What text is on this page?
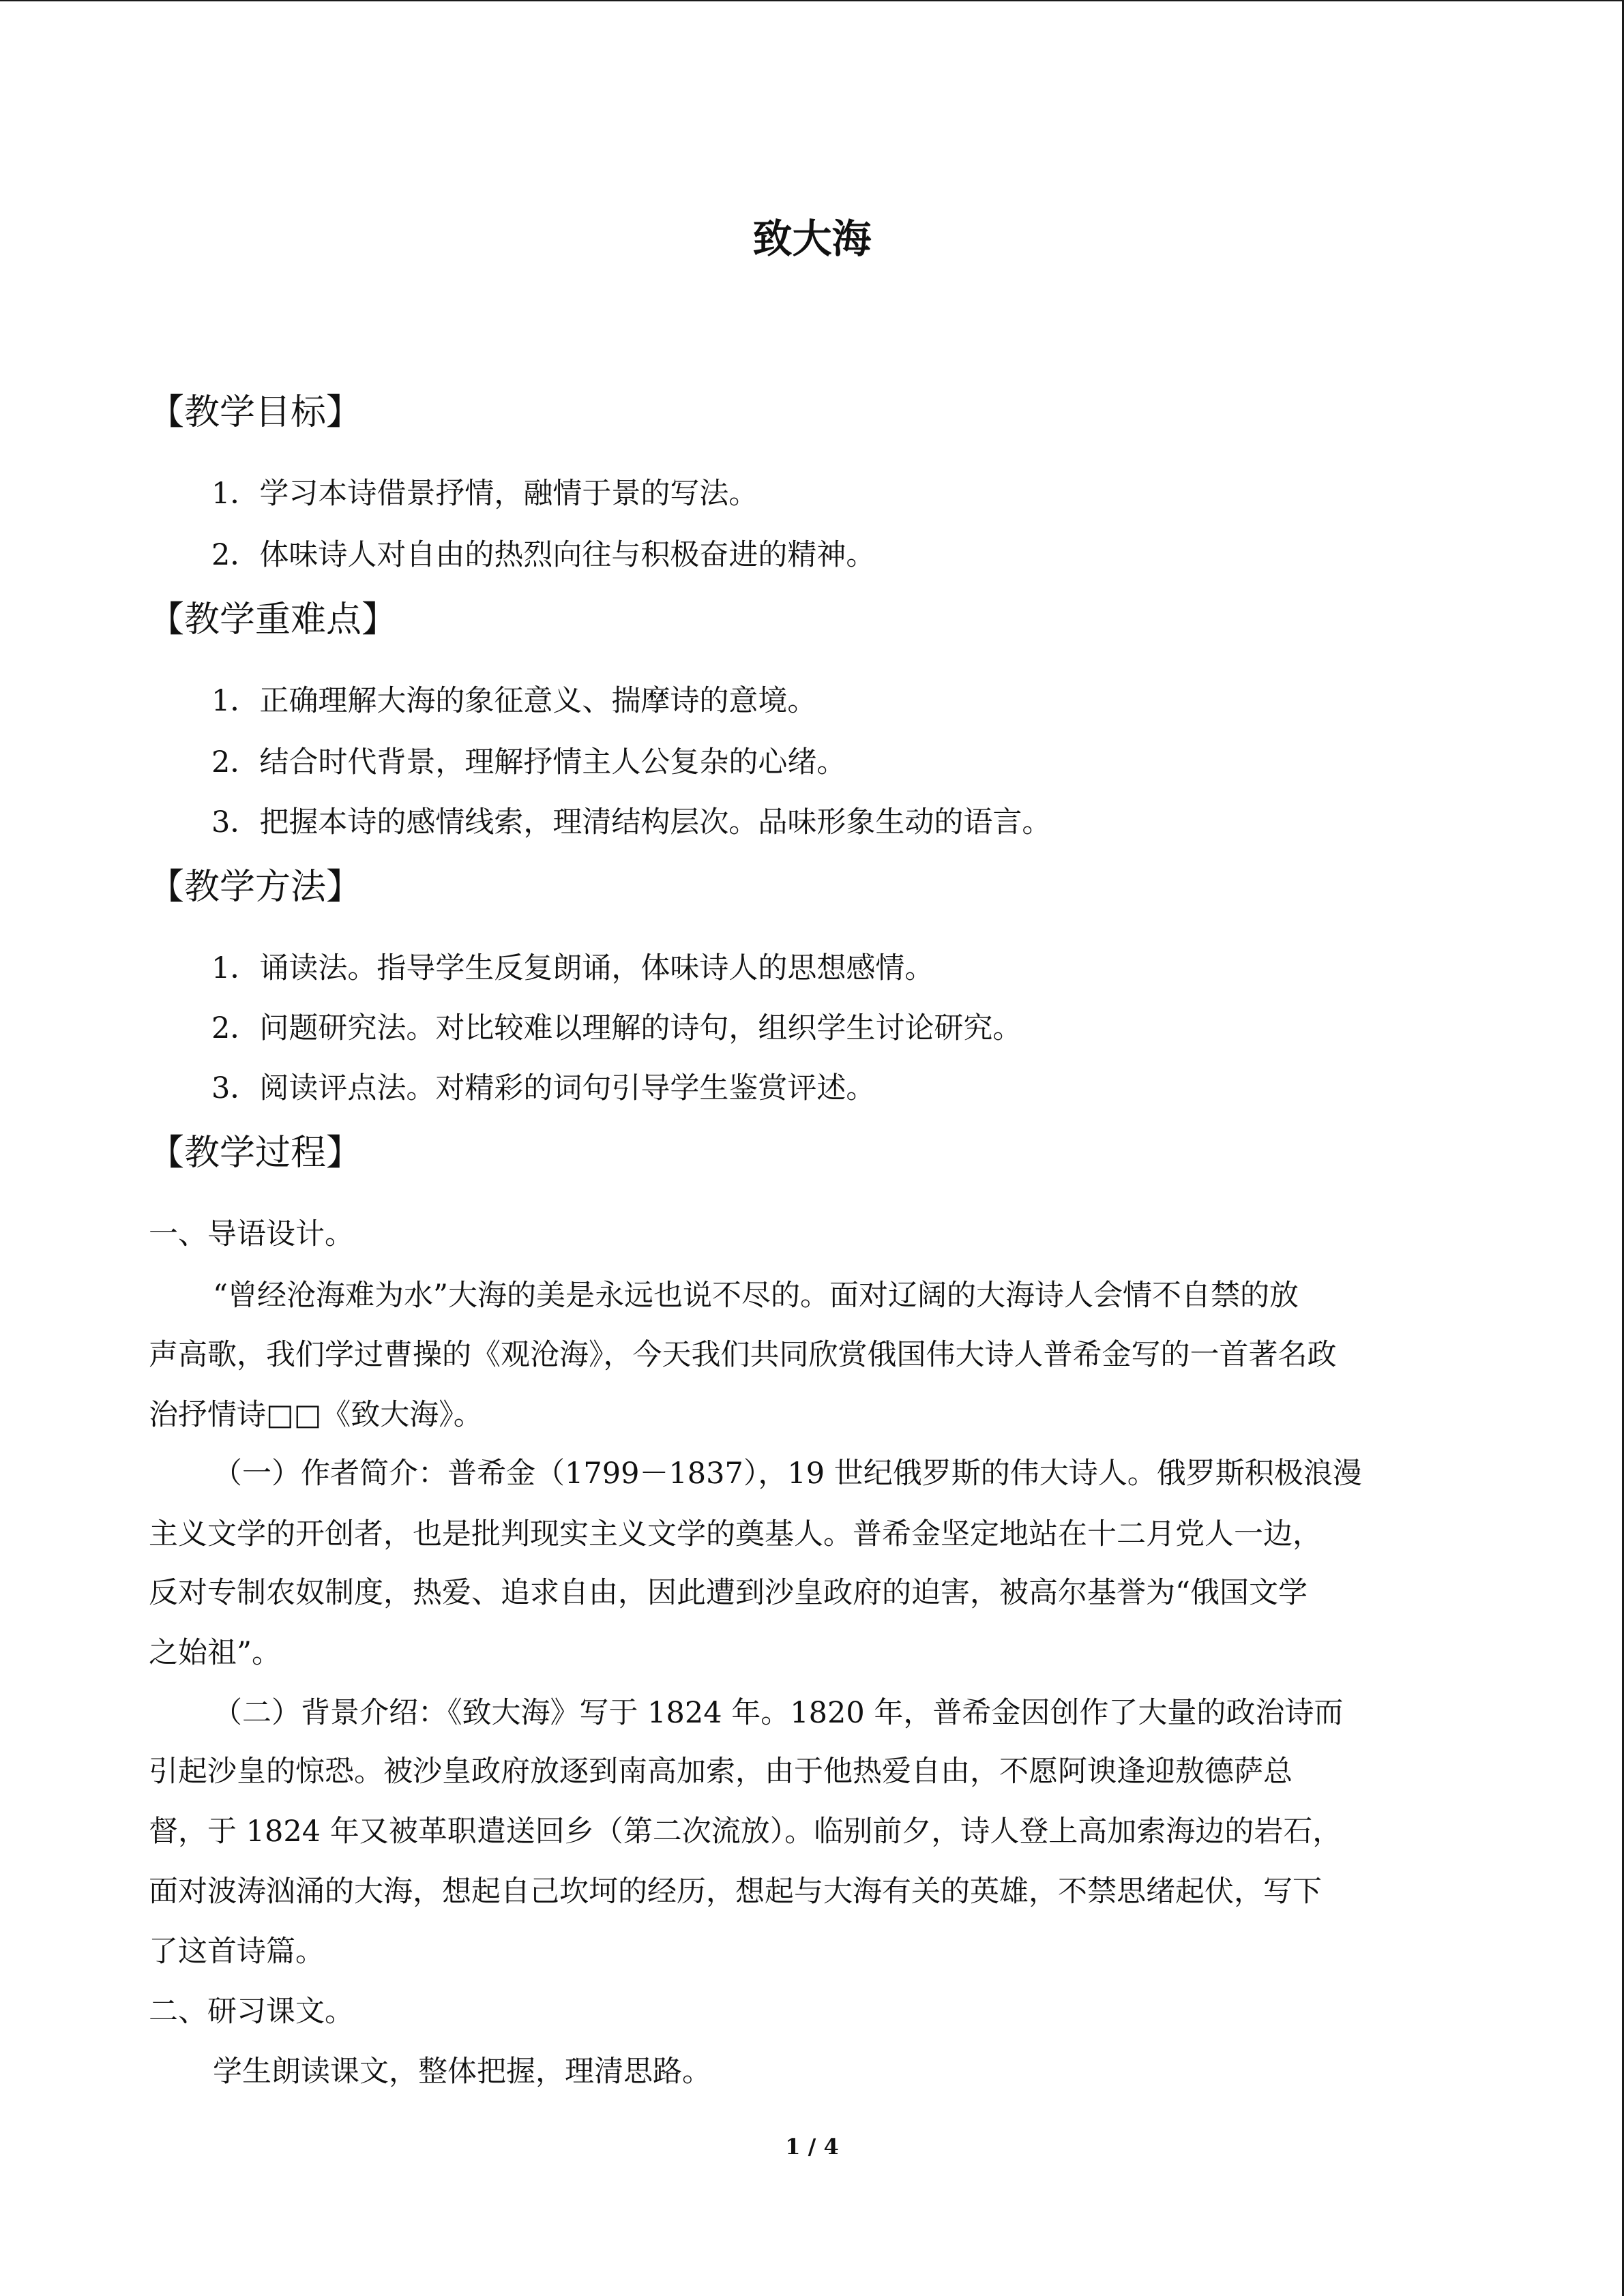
致大海
【教学目标】
1．学习本诗借景抒情，融情于景的写法。
2．体味诗人对自由的热烈向往与积极奋进的精神。
【教学重难点】
1．正确理解大海的象征意义、揣摩诗的意境。
2．结合时代背景，理解抒情主人公复杂的心绪。
3．把握本诗的感情线索，理清结构层次。品味形象生动的语言。
【教学方法】
1．诵读法。指导学生反复朗诵，体味诗人的思想感情。
2．问题研究法。对比较难以理解的诗句，组织学生讨论研究。
3．阅读评点法。对精彩的词句引导学生鉴赏评述。
【教学过程】
一、导语设计。
“曾经沧海难为水”大海的美是永远也说不尽的。面对辽阔的大海诗人会情不自禁的放
声高歌，我们学过曹操的《观沧海》，今天我们共同欣赏俄国伟大诗人普希金写的一首著名政
治抒情诗□□《致大海》。
（一）作者简介：普希金（1799－1837），19 世纪俄罗斯的伟大诗人。俄罗斯积极浪漫
主义文学的开创者，也是批判现实主义文学的奠基人。普希金坚定地站在十二月党人一边，
反对专制农奴制度，热爱、追求自由，因此遭到沙皇政府的迫害，被高尔基誉为“俄国文学
之始祖”。
（二）背景介绍：《致大海》写于 1824 年。1820 年，普希金因创作了大量的政治诗而
引起沙皇的惊恐。被沙皇政府放逐到南高加索，由于他热爱自由，不愿阿谀逢迎敖德萨总
督，于 1824 年又被革职遣送回乡（第二次流放）。临别前夕，诗人登上高加索海边的岩石，
面对波涛汹涌的大海，想起自己坎坷的经历，想起与大海有关的英雄，不禁思绪起伏，写下
了这首诗篇。
二、研习课文。
学生朗读课文，整体把握，理清思路。
1 / 4
